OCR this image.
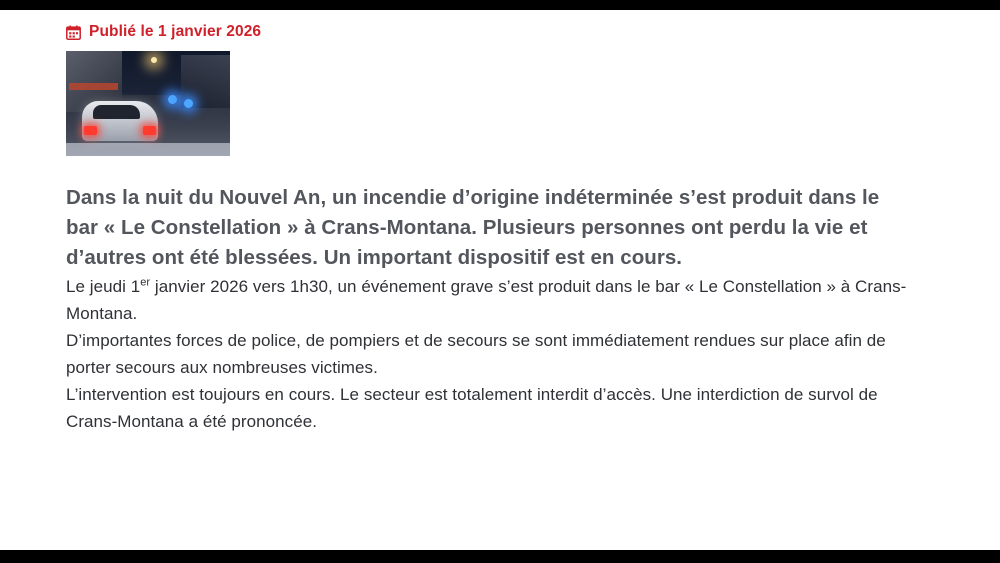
Publié le 1 janvier 2026
Dans la nuit du Nouvel An, un incendie d’origine indéterminée s’est produit dans le bar « Le Constellation » à Crans-Montana. Plusieurs personnes ont perdu la vie et d’autres ont été blessées. Un important dispositif est en cours.

Le jeudi 1er janvier 2026 vers 1h30, un événement grave s’est produit dans le bar « Le Constellation » à Crans-Montana.

D’importantes forces de police, de pompiers et de secours se sont immédiatement rendues sur place afin de porter secours aux nombreuses victimes.

L’intervention est toujours en cours. Le secteur est totalement interdit d’accès. Une interdiction de survol de Crans-Montana a été prononcée.
